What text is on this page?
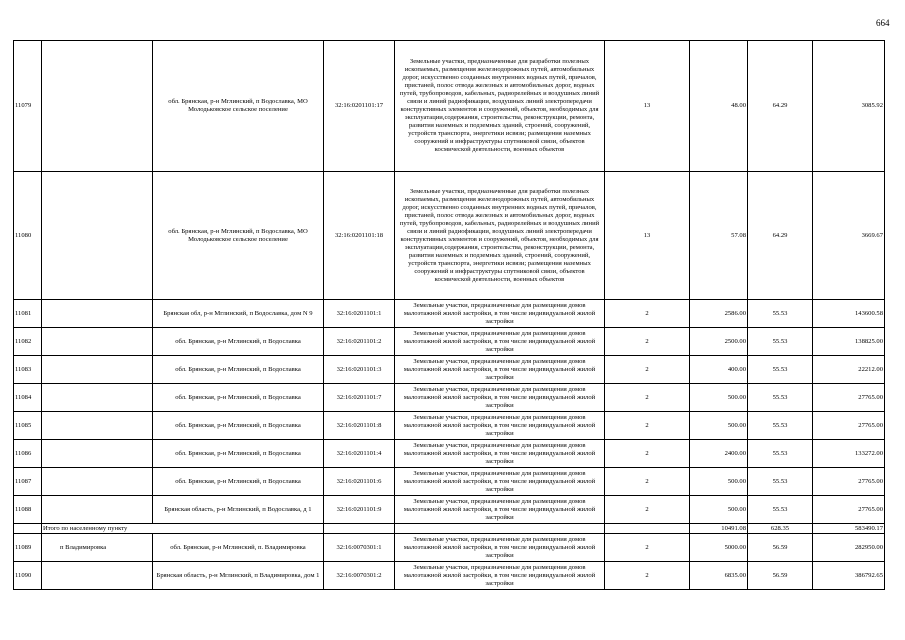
664
11079		обл. Брянская, р-н Мглинский, п Водославка, МО Молодьковское сельское поселение	32:16:0201101:17	Земельные участки, предназначенные для разработки полезных ископаемых, размещения железнодорожных путей, автомобильных дорог, искусственно созданных внутренних водных путей, причалов, пристаней, полос отвода железных и автомобильных дорог, водных путей, трубопроводов, кабельных, радиорелейных и воздушных линий связи и линий радиофикации, воздушных линий электропередачи конструктивных элементов и сооружений, объектов, необходимых для эксплуатации,содержания, строительства, реконструкции, ремонта, развития наземных и подземных зданий, строений, сооружений, устройств транспорта, энергетики исвязи; размещения наземных сооружений и инфраструктуры спутниковой связи, объектов космической деятельности, военных объектов	13	48.00	64.29	3085.92
11080		обл. Брянская, р-н Мглинский, п Водославка, МО Молодьковское сельское поселение	32:16:0201101:18	Земельные участки, предназначенные для разработки полезных ископаемых, размещения железнодорожных путей, автомобильных дорог, искусственно созданных внутренних водных путей, причалов, пристаней, полос отвода железных и автомобильных дорог, водных путей, трубопроводов, кабельных, радиорелейных и воздушных линий связи и линий радиофикации, воздушных линий электропередачи конструктивных элементов и сооружений, объектов, необходимых для эксплуатации,содержания, строительства, реконструкции, ремонта, развития наземных и подземных зданий, строений, сооружений, устройств транспорта, энергетики исвязи; размещения наземных сооружений и инфраструктуры спутниковой связи, объектов космической деятельности, военных объектов	13	57.08	64.29	3669.67
11081		Брянская обл, р-н Мглинский, п Водославка, дом N 9	32:16:0201101:1	Земельные участки, предназначенные для размещения домов малоэтажной жилой застройки, в том числе индивидуальной жилой застройки	2	2586.00	55.53	143600.58
11082		обл. Брянская, р-н Мглинский, п Водославка	32:16:0201101:2	Земельные участки, предназначенные для размещения домов малоэтажной жилой застройки, в том числе индивидуальной жилой застройки	2	2500.00	55.53	138825.00
11083		обл. Брянская, р-н Мглинский, п Водославка	32:16:0201101:3	Земельные участки, предназначенные для размещения домов малоэтажной жилой застройки, в том числе индивидуальной жилой застройки	2	400.00	55.53	22212.00
11084		обл. Брянская, р-н Мглинский, п Водославка	32:16:0201101:7	Земельные участки, предназначенные для размещения домов малоэтажной жилой застройки, в том числе индивидуальной жилой застройки	2	500.00	55.53	27765.00
11085		обл. Брянская, р-н Мглинский, п Водославка	32:16:0201101:8	Земельные участки, предназначенные для размещения домов малоэтажной жилой застройки, в том числе индивидуальной жилой застройки	2	500.00	55.53	27765.00
11086		обл. Брянская, р-н Мглинский, п Водославка	32:16:0201101:4	Земельные участки, предназначенные для размещения домов малоэтажной жилой застройки, в том числе индивидуальной жилой застройки	2	2400.00	55.53	133272.00
11087		обл. Брянская, р-н Мглинский, п Водославка	32:16:0201101:6	Земельные участки, предназначенные для размещения домов малоэтажной жилой застройки, в том числе индивидуальной жилой застройки	2	500.00	55.53	27765.00
11088		Брянская область, р-н Мглинский, п Водославка, д 1	32:16:0201101:9	Земельные участки, предназначенные для размещения домов малоэтажной жилой застройки, в том числе индивидуальной жилой застройки	2	500.00	55.53	27765.00
	Итого по населенному пункту					10491.08	628.35	583490.17
11089	п Владимировка	обл. Брянская, р-н Мглинский, п. Владимировка	32:16:0070301:1	Земельные участки, предназначенные для размещения домов малоэтажной жилой застройки, в том числе индивидуальной жилой застройки	2	5000.00	56.59	282950.00
11090		Брянская область, р-н Мглинский, п Владимировка, дом 1	32:16:0070301:2	Земельные участки, предназначенные для размещения домов малоэтажной жилой застройки, в том числе индивидуальной жилой застройки	2	6835.00	56.59	386792.65
